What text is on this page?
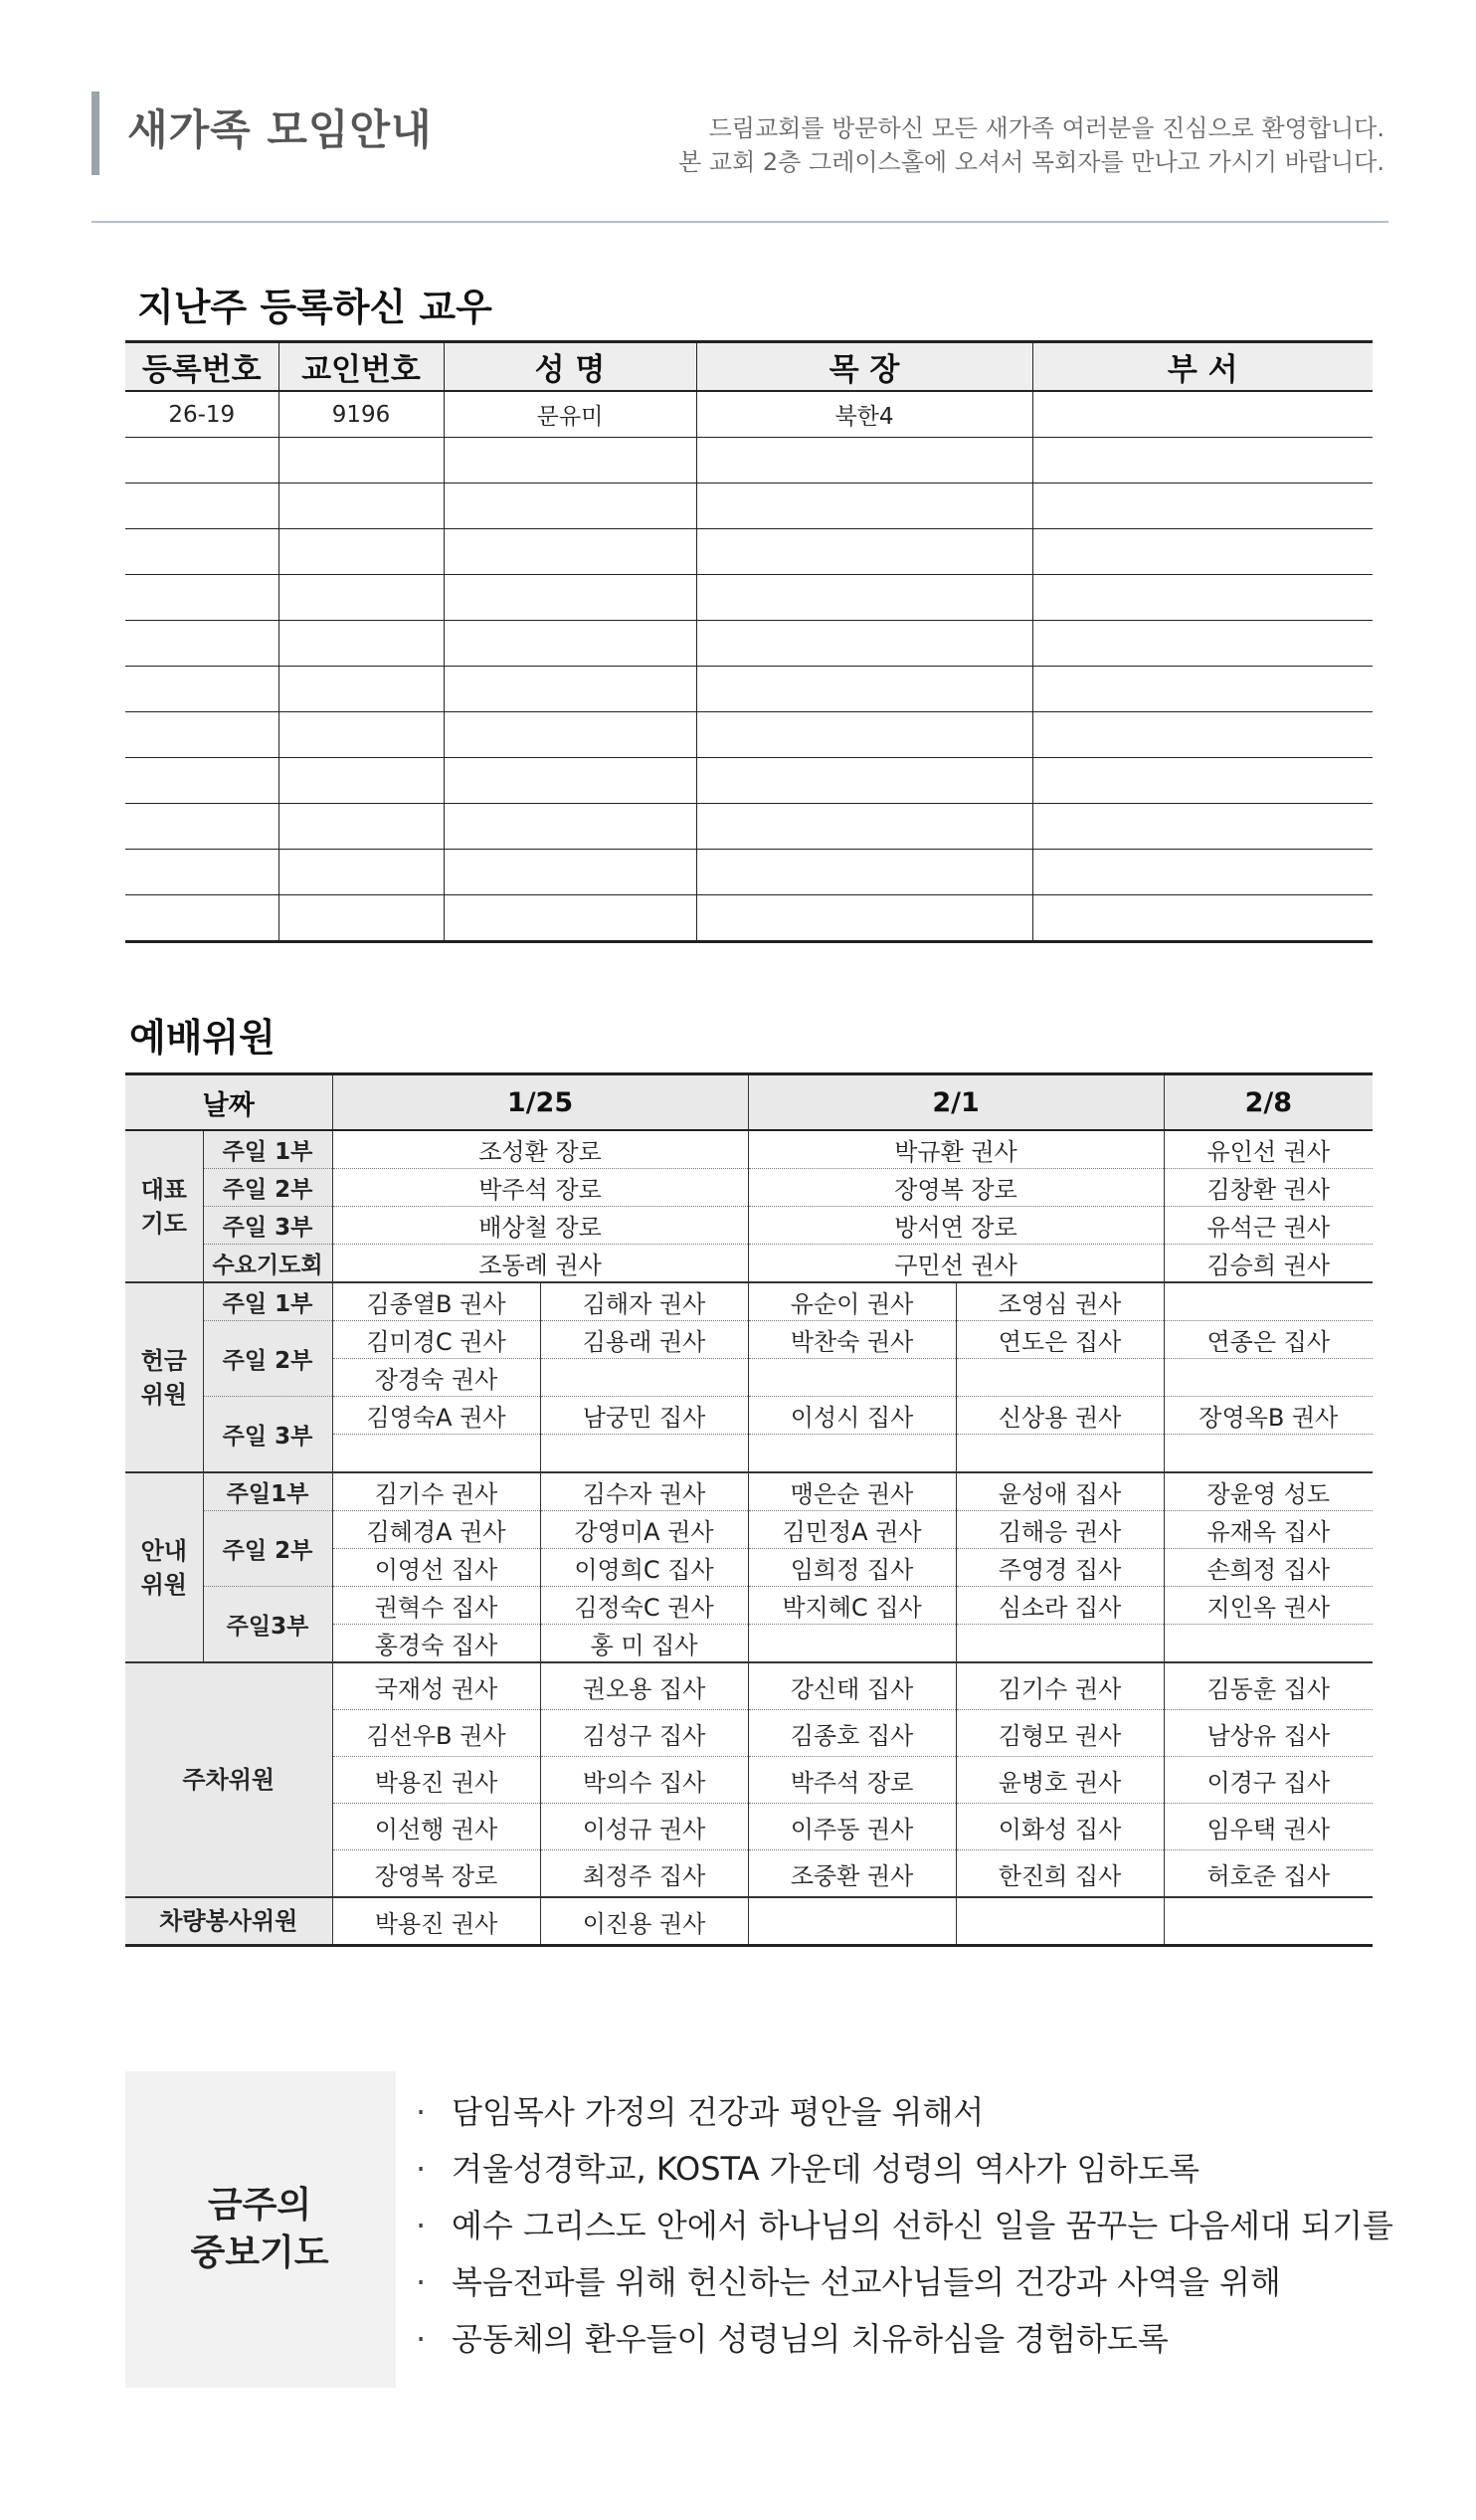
새가족 모임안내	드림교회를 방문하신 모든 새가족 여러분을 진심으로 환영합니다.
본 교회 2층 그레이스홀에 오셔서 목회자를 만나고 가시기 바랍니다.
지난주 등록하신 교우
등록번호	교인번호	성 명	목 장	부 서
26-19	9196	문유미	북한4	

예배위원
날짜		1/25		2/1		2/8

대표
기도	주일 1부	조성환 장로		박규환 권사		유인선 권사
	주일 2부	박주석 장로		장영복 장로		김창환 권사
	주일 3부	배상철 장로		방서연 장로		유석근 권사
	수요기도회	조동례 권사		구민선 권사		김승희 권사

헌금
위원	주일 1부	김종열B 권사	김해자 권사	유순이 권사	조영심 권사	
	주일 2부	김미경C 권사	김용래 권사	박찬숙 권사	연도은 집사	연종은 집사
		장경숙 권사				
	주일 3부	김영숙A 권사	남궁민 집사	이성시 집사	신상용 권사	장영옥B 권사

안내
위원	주일1부	김기수 권사	김수자 권사	맹은순 권사	윤성애 집사	장윤영 성도
	주일 2부	김혜경A 권사	강영미A 권사	김민정A 권사	김해응 권사	유재옥 집사
		이영선 집사	이영희C 집사	임희정 집사	주영경 집사	손희정 집사
	주일3부	권혁수 집사	김정숙C 권사	박지혜C 집사	심소라 집사	지인옥 권사
		홍경숙 집사	홍 미 집사			
주차위원		국재성 권사	권오용 집사	강신태 집사	김기수 권사	김동훈 집사
		김선우B 권사	김성구 집사	김종호 집사	김형모 권사	남상유 집사
		박용진 권사	박의수 집사	박주석 장로	윤병호 권사	이경구 집사
		이선행 권사	이성규 권사	이주동 권사	이화성 집사	임우택 권사
		장영복 장로	최정주 집사	조중환 권사	한진희 집사	허호준 집사
차량봉사위원		박용진 권사	이진용 권사			
금주의
중보기도
· 담임목사 가정의 건강과 평안을 위해서
· 겨울성경학교, KOSTA 가운데 성령의 역사가 임하도록
· 예수 그리스도 안에서 하나님의 선하신 일을 꿈꾸는 다음세대 되기를
· 복음전파를 위해 헌신하는 선교사님들의 건강과 사역을 위해
· 공동체의 환우들이 성령님의 치유하심을 경험하도록
